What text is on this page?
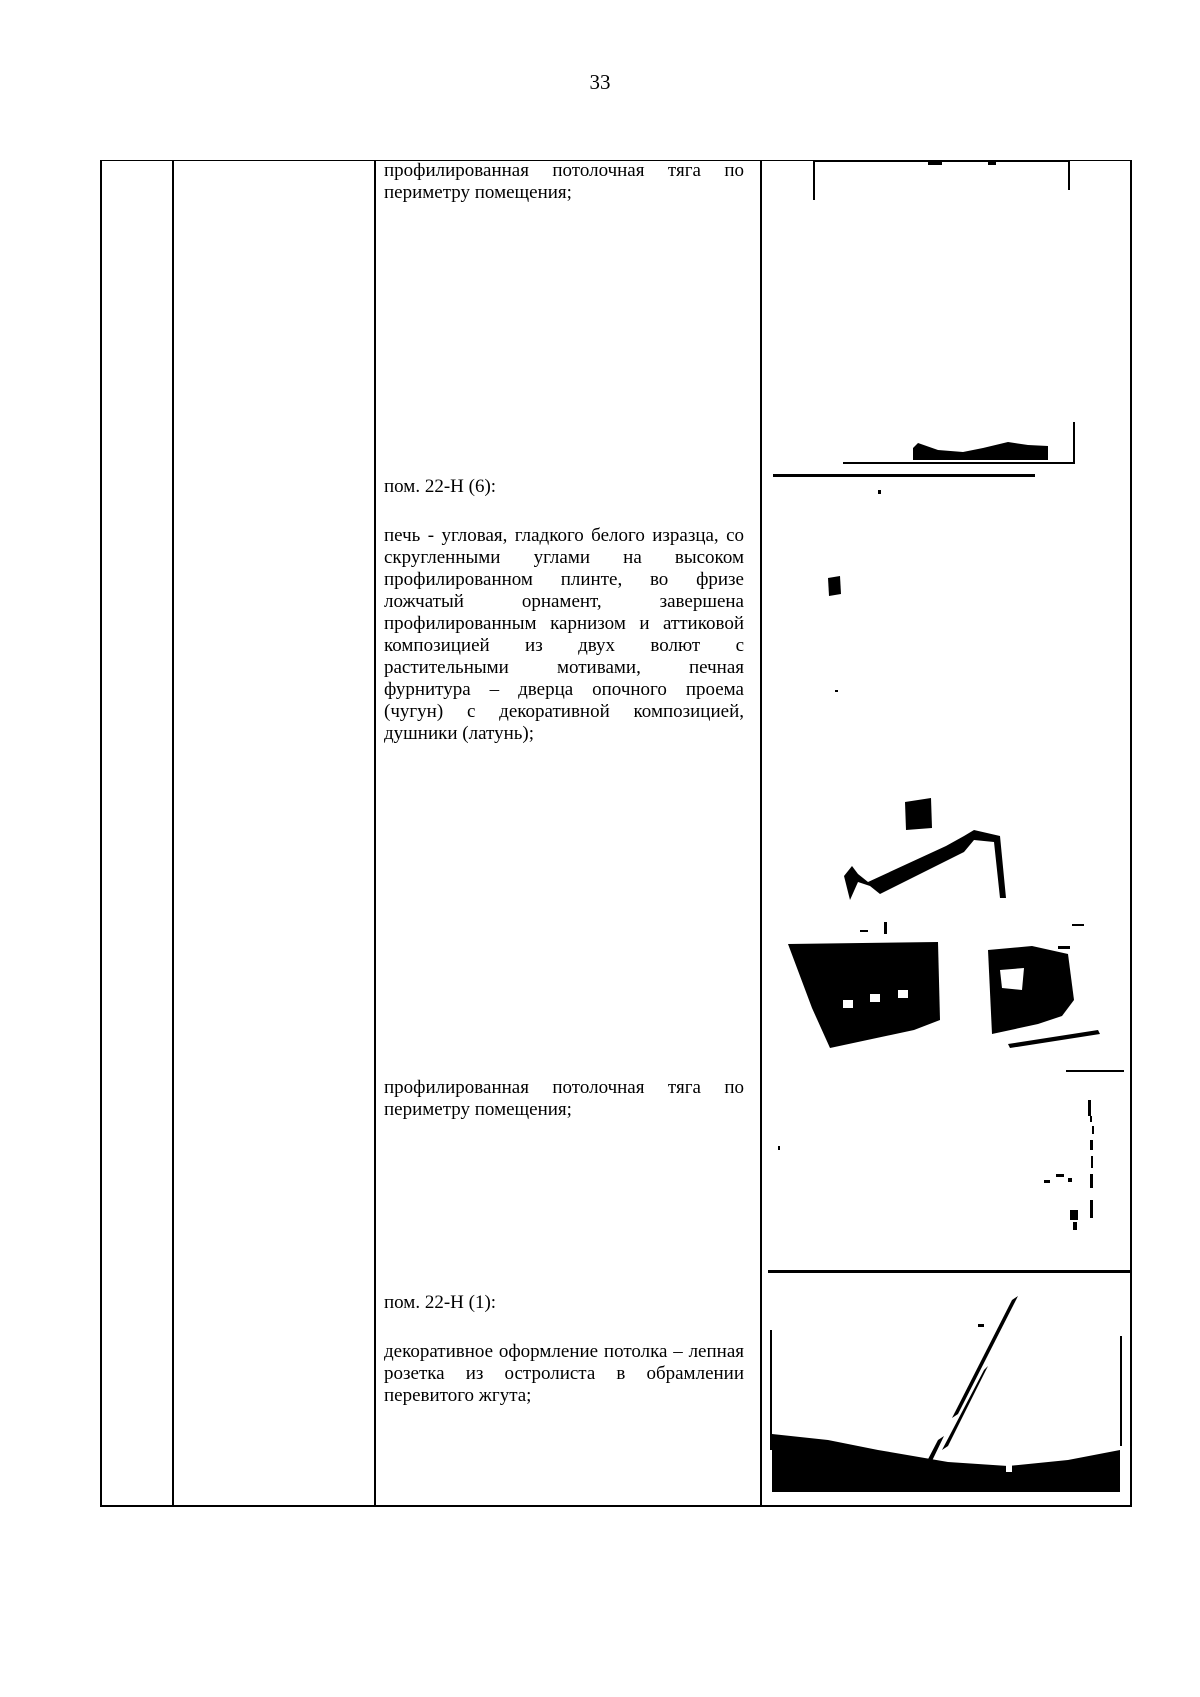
33
профилированная потолочная тяга по периметру помещения;
пом. 22-Н (6):
печь - угловая, гладкого белого изразца, со скругленными углами на высоком профилированном плинте, во фризе ложчатый орнамент, завершена профилированным карнизом и аттиковой композицией из двух волют с растительными мотивами, печная фурнитура – дверца опочного проема (чугун) с декоративной композицией, душники (латунь);
профилированная потолочная тяга по периметру помещения;
пом. 22-Н (1):
декоративное оформление потолка – лепная розетка из остролиста в обрамлении перевитого жгута;
